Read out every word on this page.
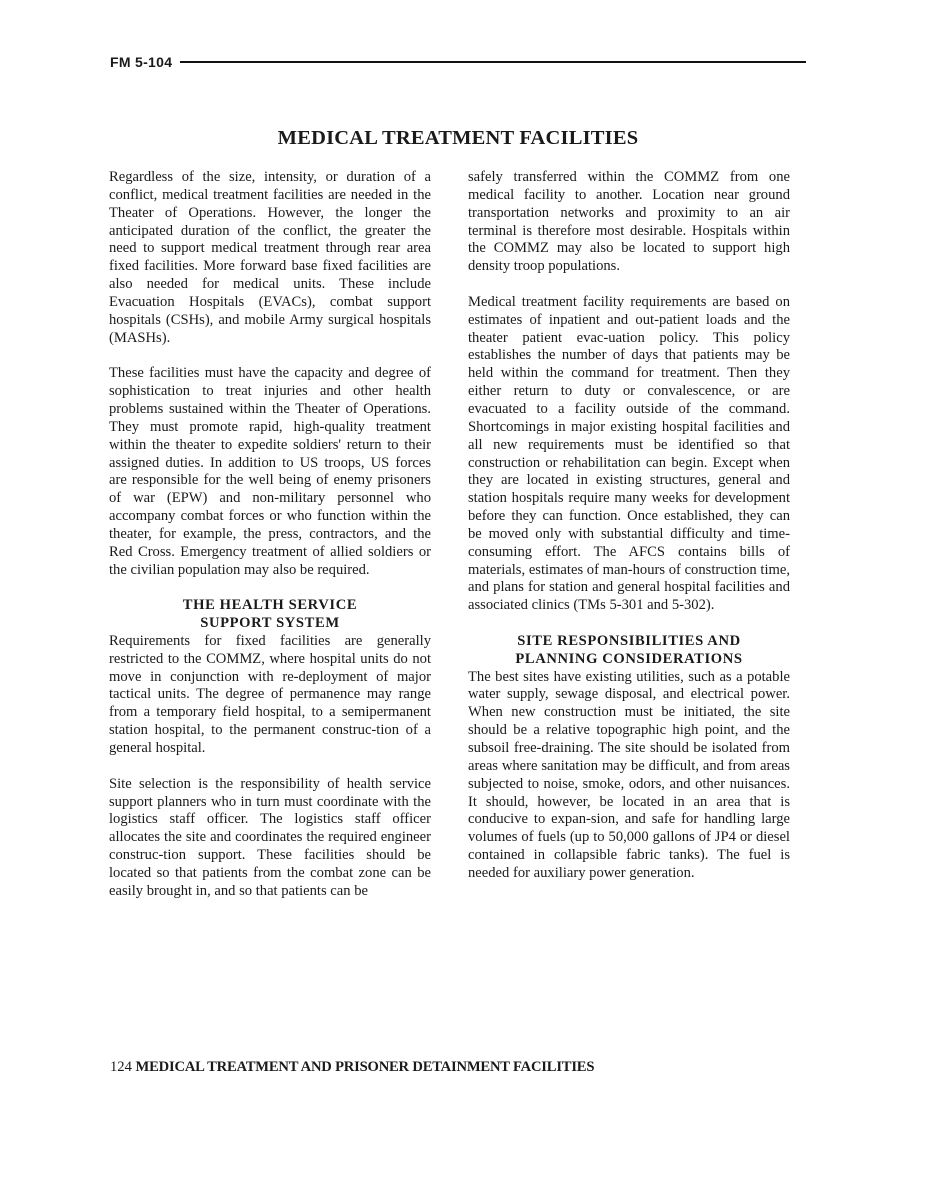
FM 5-104
MEDICAL TREATMENT FACILITIES

Regardless of the size, intensity, or duration of a conflict, medical treatment facilities are needed in the Theater of Operations. However, the longer the anticipated duration of the conflict, the greater the need to support medical treatment through rear area fixed facilities. More forward base fixed facilities are also needed for medical units. These include Evacuation Hospitals (EVACs), combat support hospitals (CSHs), and mobile Army surgical hospitals (MASHs).

These facilities must have the capacity and degree of sophistication to treat injuries and other health problems sustained within the Theater of Operations. They must promote rapid, high-quality treatment within the theater to expedite soldiers' return to their assigned duties. In addition to US troops, US forces are responsible for the well being of enemy prisoners of war (EPW) and non-military personnel who accompany combat forces or who function within the theater, for example, the press, contractors, and the Red Cross. Emergency treatment of allied soldiers or the civilian population may also be required.

THE HEALTH SERVICE
SUPPORT SYSTEM

Requirements for fixed facilities are generally restricted to the COMMZ, where hospital units do not move in conjunction with re-deployment of major tactical units. The degree of permanence may range from a temporary field hospital, to a semipermanent station hospital, to the permanent construc-tion of a general hospital.

Site selection is the responsibility of health service support planners who in turn must coordinate with the logistics staff officer. The logistics staff officer allocates the site and coordinates the required engineer construc-tion support. These facilities should be located so that patients from the combat zone can be easily brought in, and so that patients can be

safely transferred within the COMMZ from one medical facility to another. Location near ground transportation networks and proximity to an air terminal is therefore most desirable. Hospitals within the COMMZ may also be located to support high density troop populations.

Medical treatment facility requirements are based on estimates of inpatient and out-patient loads and the theater patient evac-uation policy. This policy establishes the number of days that patients may be held within the command for treatment. Then they either return to duty or convalescence, or are evacuated to a facility outside of the command. Shortcomings in major existing hospital facilities and all new requirements must be identified so that construction or rehabilitation can begin. Except when they are located in existing structures, general and station hospitals require many weeks for development before they can function. Once established, they can be moved only with substantial difficulty and time-consuming effort. The AFCS contains bills of materials, estimates of man-hours of construction time, and plans for station and general hospital facilities and associated clinics (TMs 5-301 and 5-302).

SITE RESPONSIBILITIES AND
PLANNING CONSIDERATIONS

The best sites have existing utilities, such as a potable water supply, sewage disposal, and electrical power. When new construction must be initiated, the site should be a relative topographic high point, and the subsoil free-draining. The site should be isolated from areas where sanitation may be difficult, and from areas subjected to noise, smoke, odors, and other nuisances. It should, however, be located in an area that is conducive to expan-sion, and safe for handling large volumes of fuels (up to 50,000 gallons of JP4 or diesel contained in collapsible fabric tanks). The fuel is needed for auxiliary power generation.

124 MEDICAL TREATMENT AND PRISONER DETAINMENT FACILITIES
